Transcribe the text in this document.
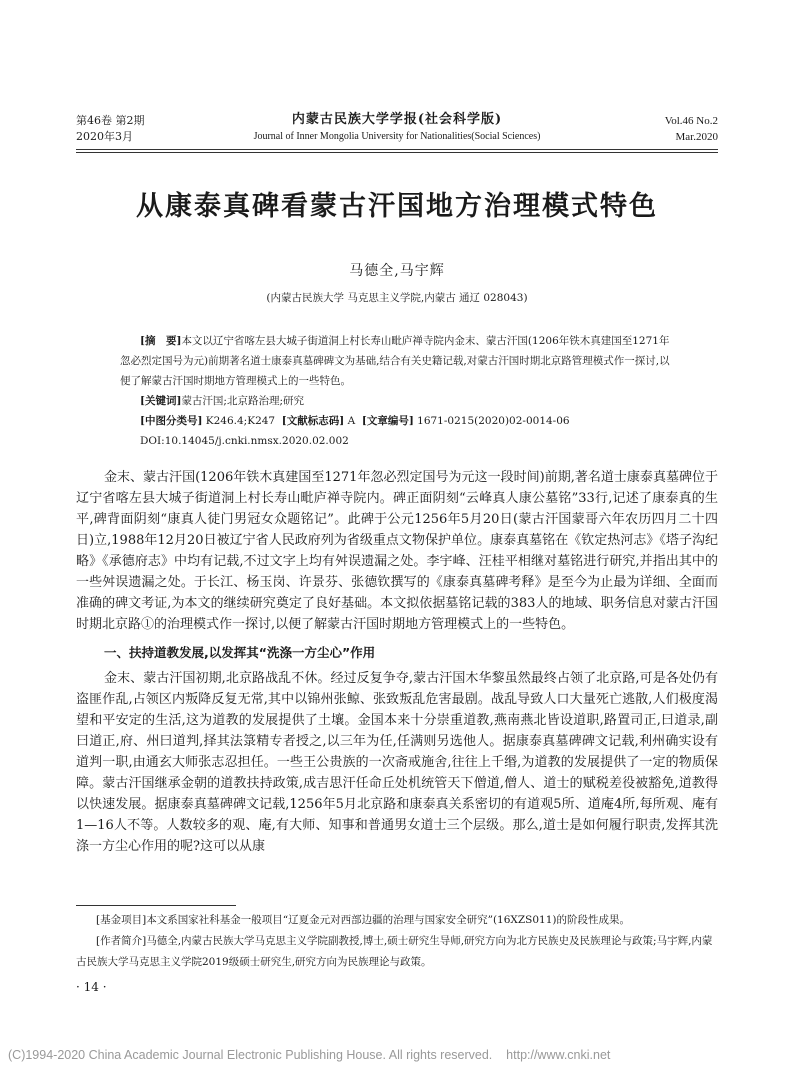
第46卷 第2期
2020年3月
内蒙古民族大学学报(社会科学版)
Journal of Inner Mongolia University for Nationalities(Social Sciences)
Vol.46 No.2
Mar.2020
从康泰真碑看蒙古汗国地方治理模式特色
马德全,马宇辉
(内蒙古民族大学 马克思主义学院,内蒙古 通辽 028043)

[摘　要]本文以辽宁省喀左县大城子街道洞上村长寿山毗庐禅寺院内金末、蒙古汗国(1206年铁木真建国至1271年忽必烈定国号为元)前期著名道士康泰真墓碑碑文为基础,结合有关史籍记载,对蒙古汗国时期北京路管理模式作一探讨,以便了解蒙古汗国时期地方管理模式上的一些特色。

[关键词]蒙古汗国;北京路治理;研究

[中图分类号] K246.4;K247 [文献标志码] A [文章编号] 1671-0215(2020)02-0014-06

DOI:10.14045/j.cnki.nmsx.2020.02.002

金末、蒙古汗国(1206年铁木真建国至1271年忽必烈定国号为元这一段时间)前期,著名道士康泰真墓碑位于辽宁省喀左县大城子街道洞上村长寿山毗庐禅寺院内。碑正面阴刻“云峰真人康公墓铭”33行,记述了康泰真的生平,碑背面阴刻“康真人徒门男冠女众题铭记”。此碑于公元1256年5月20日(蒙古汗国蒙哥六年农历四月二十四日)立,1988年12月20日被辽宁省人民政府列为省级重点文物保护单位。康泰真墓铭在《钦定热河志》《塔子沟纪略》《承德府志》中均有记载,不过文字上均有舛误遗漏之处。李宇峰、汪桂平相继对墓铭进行研究,并指出其中的一些舛误遗漏之处。于长江、杨玉岗、许景芬、张德钦撰写的《康泰真墓碑考释》是至今为止最为详细、全面而准确的碑文考证,为本文的继续研究奠定了良好基础。本文拟依据墓铭记载的383人的地域、职务信息对蒙古汗国时期北京路①的治理模式作一探讨,以便了解蒙古汗国时期地方管理模式上的一些特色。

一、扶持道教发展,以发挥其“洗涤一方尘心”作用

金末、蒙古汗国初期,北京路战乱不休。经过反复争夺,蒙古汗国木华黎虽然最终占领了北京路,可是各处仍有盗匪作乱,占领区内叛降反复无常,其中以锦州张鲸、张致叛乱危害最剧。战乱导致人口大量死亡逃散,人们极度渴望和平安定的生活,这为道教的发展提供了土壤。金国本来十分崇重道教,燕南燕北皆设道职,路置司正,曰道录,副曰道正,府、州曰道判,择其法箓精专者授之,以三年为任,任满则另选他人。据康泰真墓碑碑文记载,利州确实设有道判一职,由通玄大师张志忍担任。一些王公贵族的一次斋戒施舍,往往上千缗,为道教的发展提供了一定的物质保障。蒙古汗国继承金朝的道教扶持政策,成吉思汗任命丘处机统管天下僧道,僧人、道士的赋税差役被豁免,道教得以快速发展。据康泰真墓碑碑文记载,1256年5月北京路和康泰真关系密切的有道观5所、道庵4所,每所观、庵有1—16人不等。人数较多的观、庵,有大师、知事和普通男女道士三个层级。那么,道士是如何履行职责,发挥其洗涤一方尘心作用的呢?这可以从康

[基金项目]本文系国家社科基金一般项目“辽夏金元对西部边疆的治理与国家安全研究”(16XZS011)的阶段性成果。

[作者简介]马德全,内蒙古民族大学马克思主义学院副教授,博士,硕士研究生导师,研究方向为北方民族史及民族理论与政策;马宇辉,内蒙古民族大学马克思主义学院2019级硕士研究生,研究方向为民族理论与政策。

· 14 ·
(C)1994-2020 China Academic Journal Electronic Publishing House. All rights reserved.    http://www.cnki.net
